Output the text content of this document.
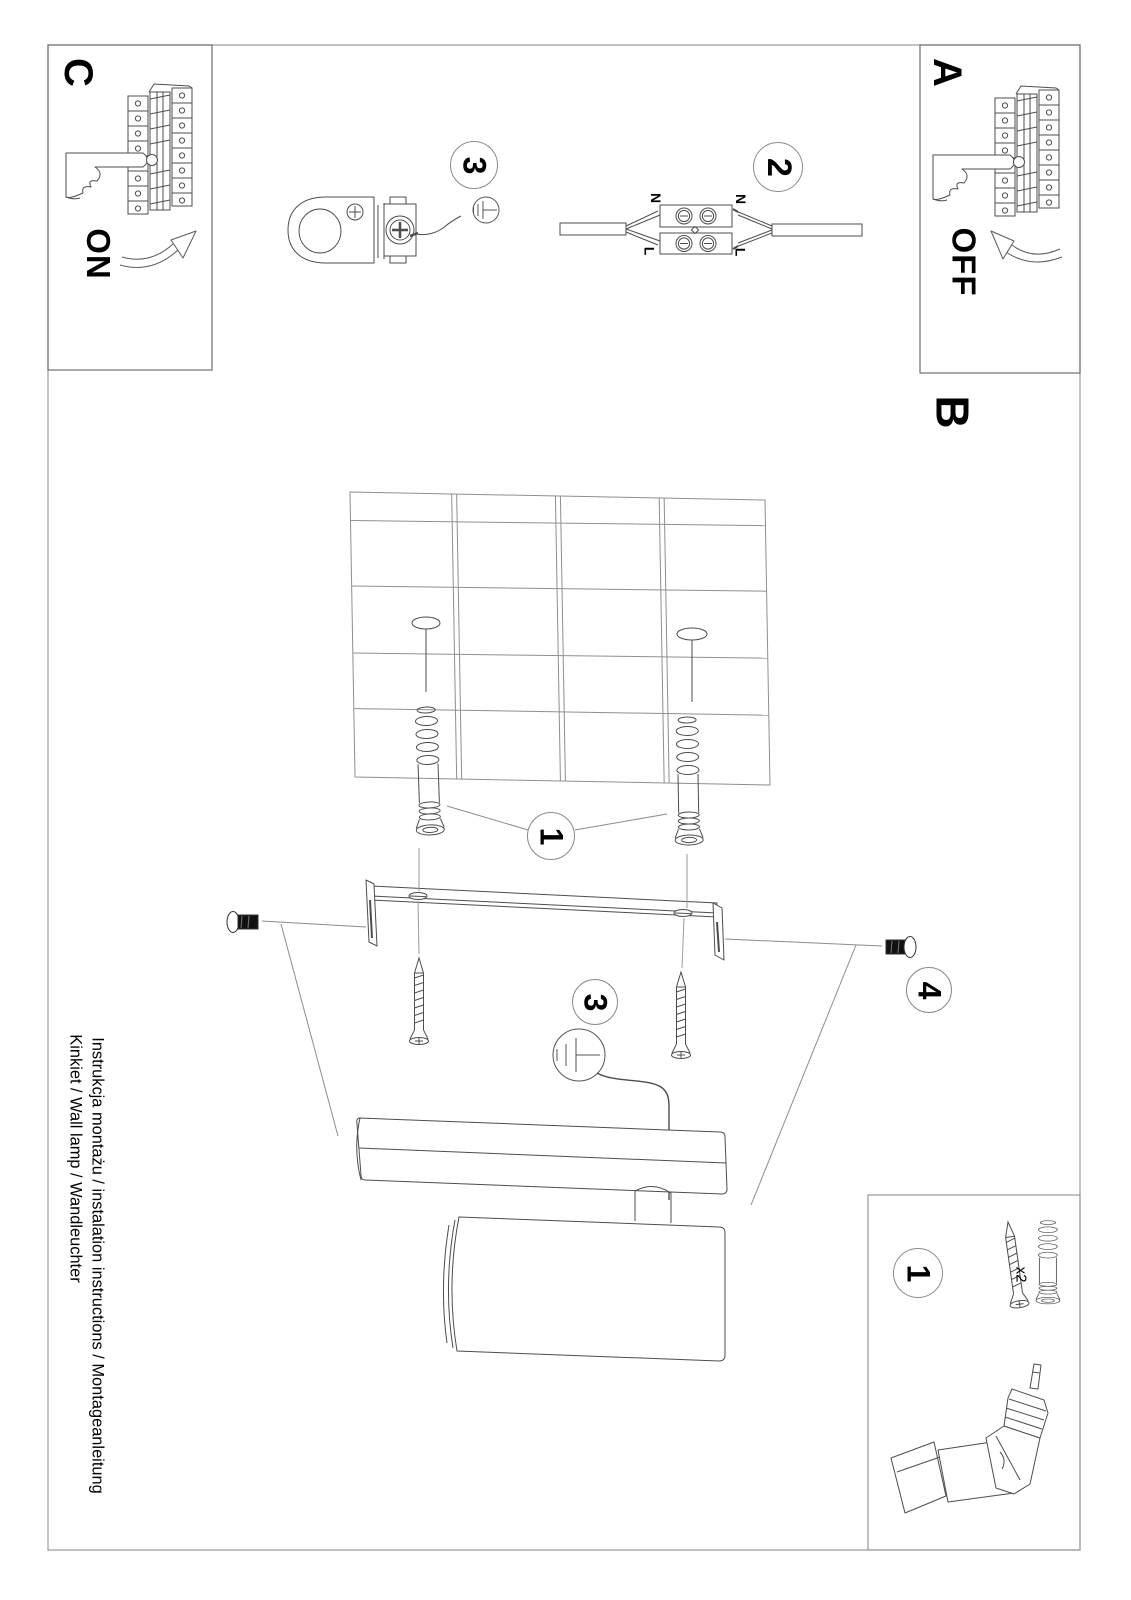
C
ON
A
OFF
B
3	2
N	N
L	L
1
3
4
1	x2
Instrukcja montażu / instalation instructions / Montageanleitung
Kinkiet / Wall lamp / Wandleuchter
